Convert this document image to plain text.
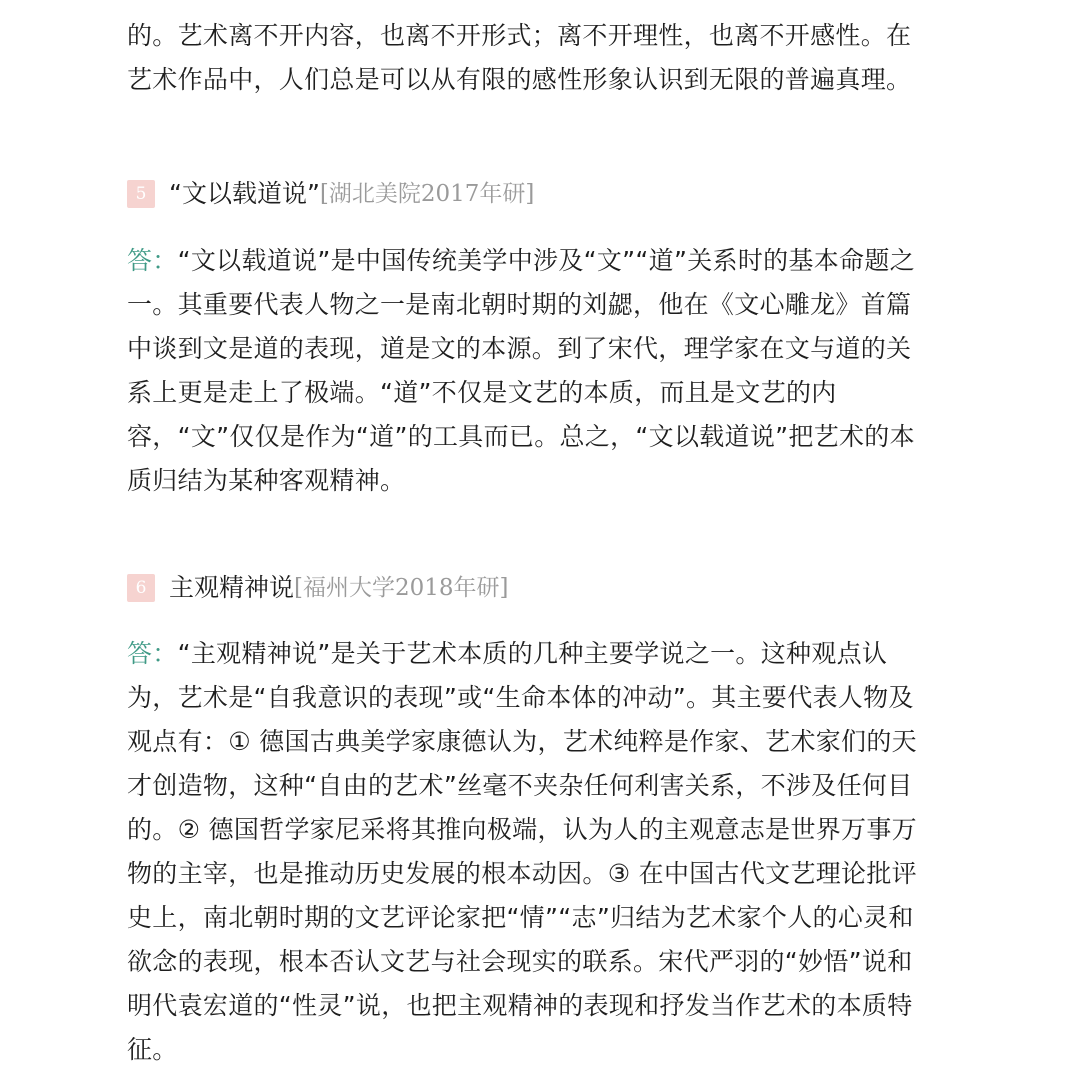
的。艺术离不开内容，也离不开形式；离不开理性，也离不开感性。在
艺术作品中，人们总是可以从有限的感性形象认识到无限的普遍真理。
5 “文以载道说” [湖北美院2017年研]
答：“文以载道说”是中国传统美学中涉及“文”“道”关系时的基本命题之
一。其重要代表人物之一是南北朝时期的刘勰，他在《文心雕龙》首篇
中谈到文是道的表现，道是文的本源。到了宋代，理学家在文与道的关
系上更是走上了极端。“道”不仅是文艺的本质，而且是文艺的内
容，“文”仅仅是作为“道”的工具而已。总之，“文以载道说”把艺术的本
质归结为某种客观精神。
6 主观精神说 [福州大学2018年研]
答：“主观精神说”是关于艺术本质的几种主要学说之一。这种观点认
为，艺术是“自我意识的表现”或“生命本体的冲动”。其主要代表人物及
观点有：① 德国古典美学家康德认为，艺术纯粹是作家、艺术家们的天
才创造物，这种“自由的艺术”丝毫不夹杂任何利害关系，不涉及任何目
的。② 德国哲学家尼采将其推向极端，认为人的主观意志是世界万事万
物的主宰，也是推动历史发展的根本动因。③ 在中国古代文艺理论批评
史上，南北朝时期的文艺评论家把“情”“志”归结为艺术家个人的心灵和
欲念的表现，根本否认文艺与社会现实的联系。宋代严羽的“妙悟”说和
明代袁宏道的“性灵”说，也把主观精神的表现和抒发当作艺术的本质特
征。
